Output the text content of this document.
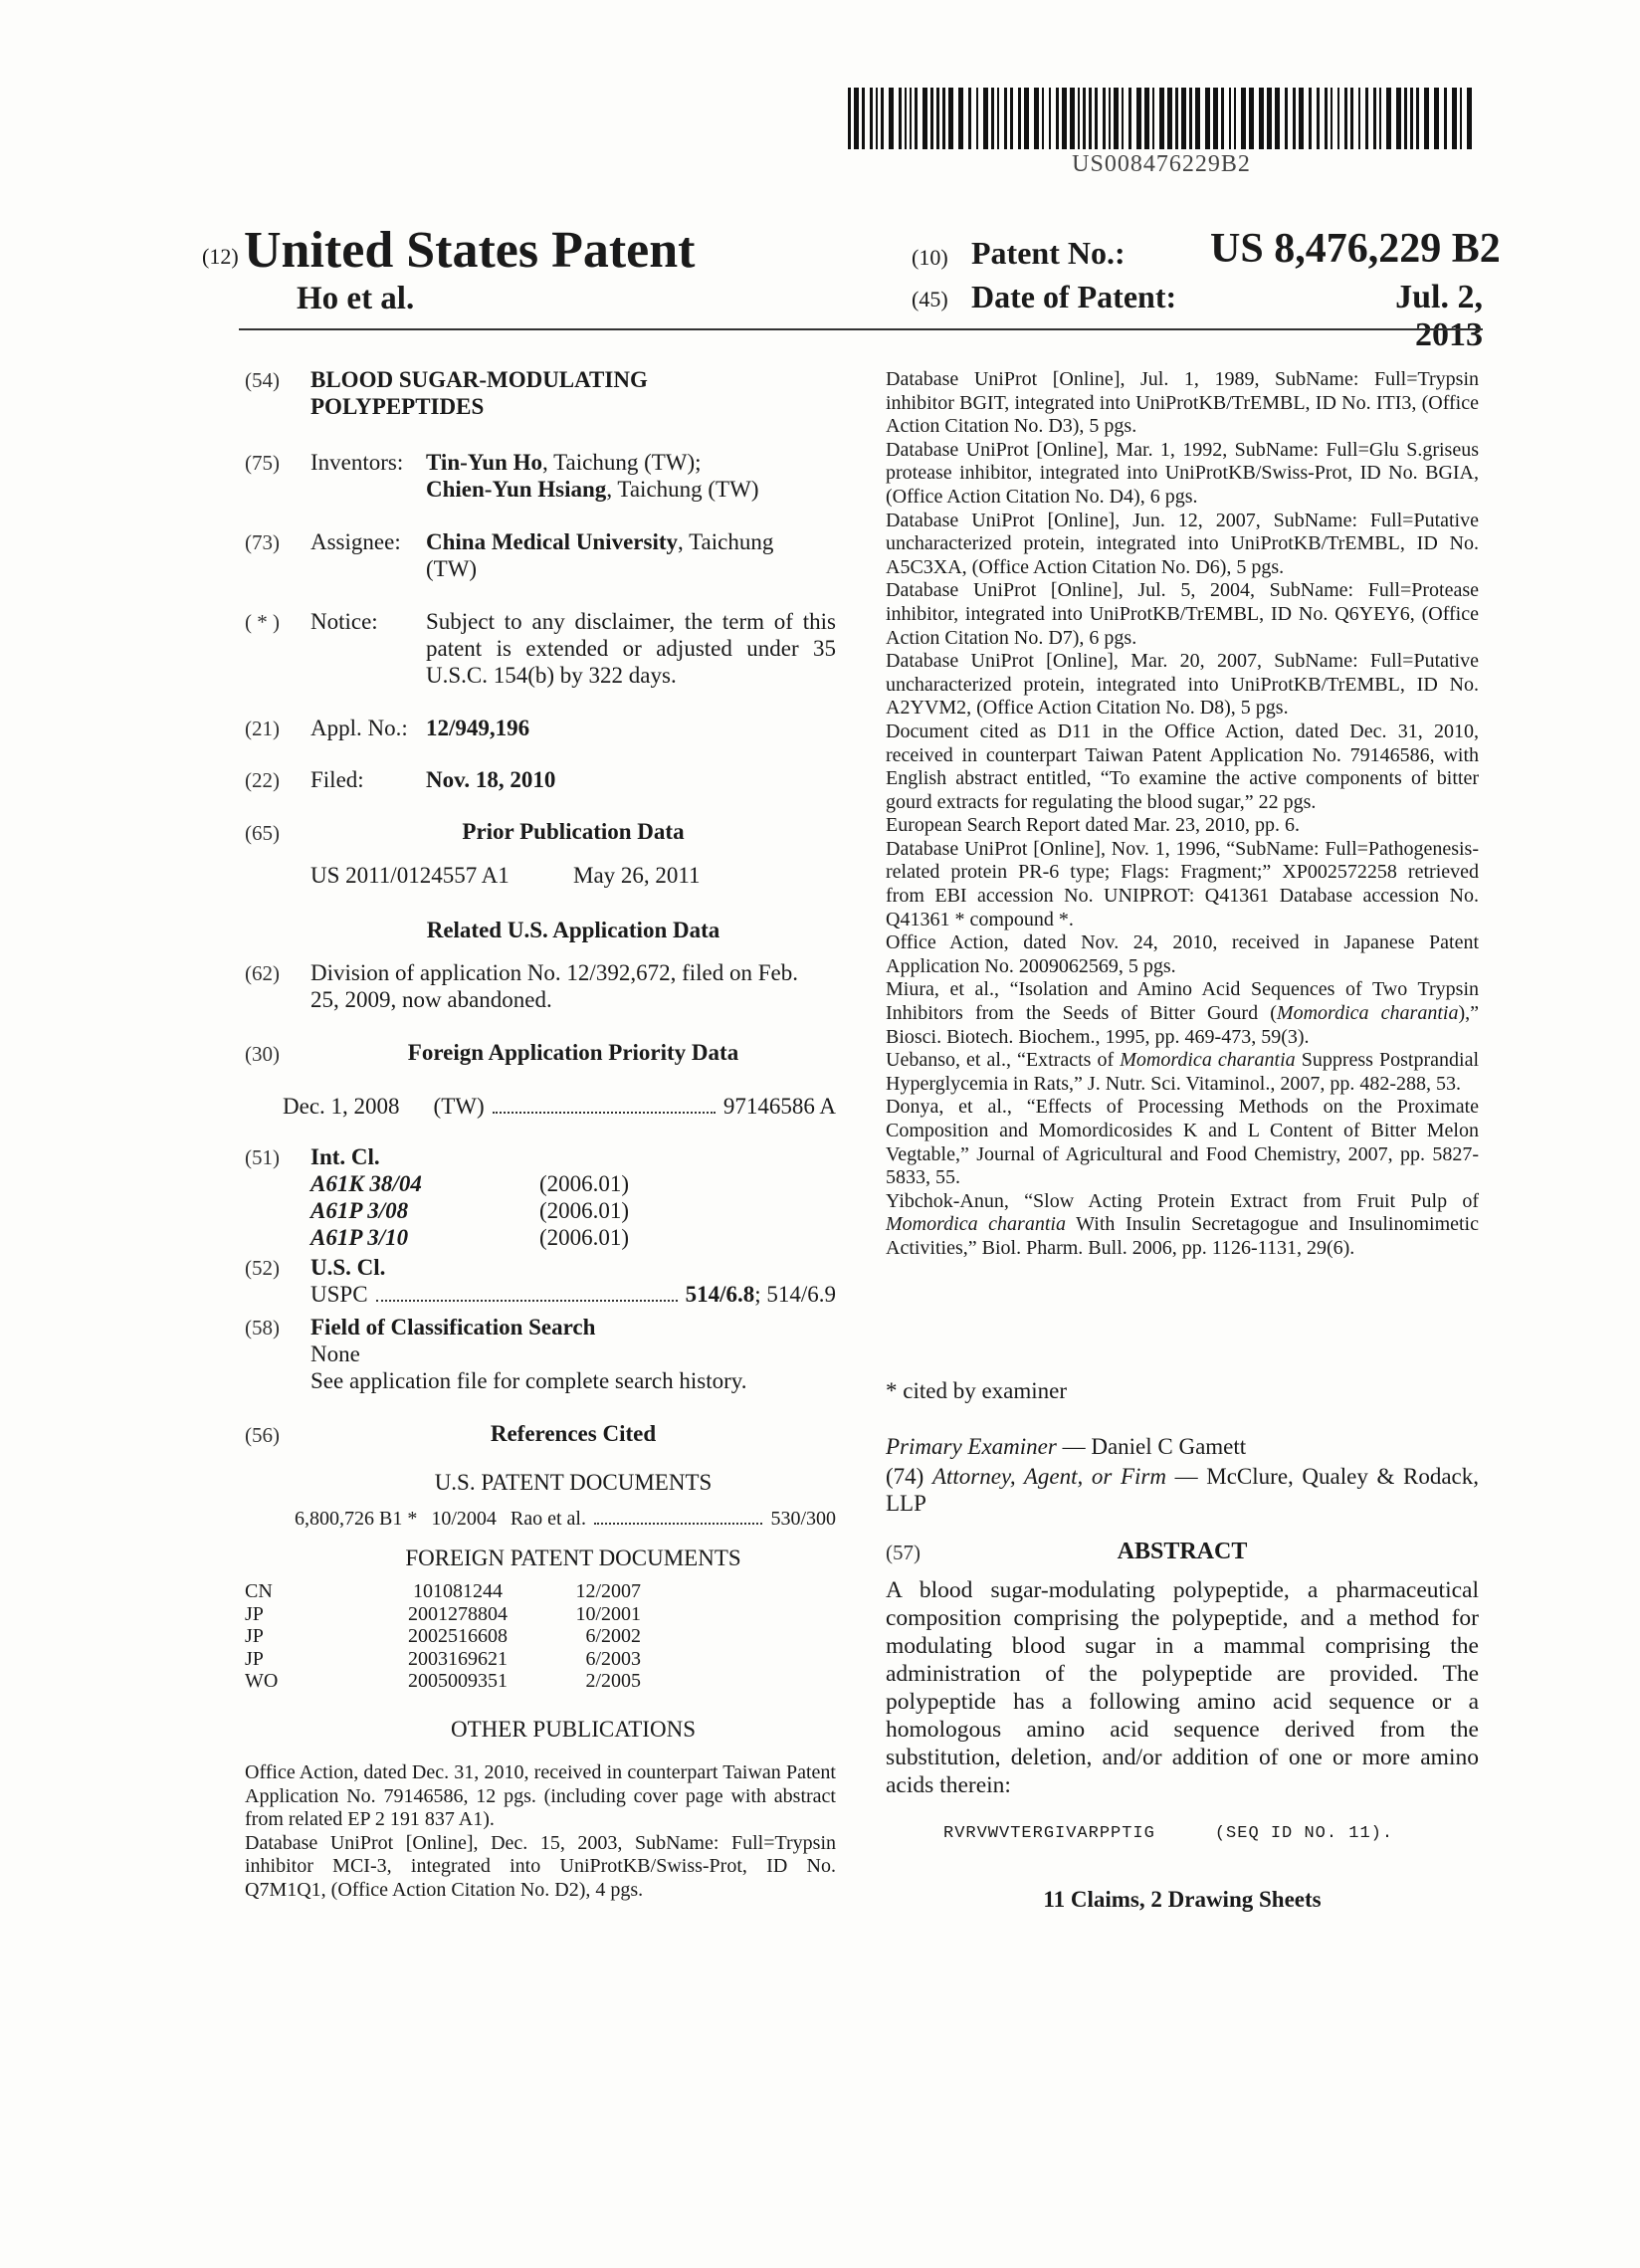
US008476229B2
(12) United States Patent
Ho et al.
(10) Patent No.: US 8,476,229 B2
(45) Date of Patent:	Jul. 2, 2013
(54) BLOOD SUGAR-MODULATING
POLYPEPTIDES
(75) Inventors: Tin-Yun Ho, Taichung (TW);
Chien-Yun Hsiang, Taichung (TW)
(73) Assignee: China Medical University, Taichung
(TW)
( * ) Notice: Subject to any disclaimer, the term of this
patent is extended or adjusted under 35
U.S.C. 154(b) by 322 days.
(21) Appl. No.: 12/949,196
(22) Filed:	Nov. 18, 2010
(65)	Prior Publication Data
US 2011/0124557 A1	May 26, 2011
Related U.S. Application Data
(62) Division of application No. 12/392,672, filed on Feb.
25, 2009, now abandoned.
(30)	Foreign Application Priority Data
Dec. 1, 2008 (TW)	97146586 A
(51) Int. Cl.
A61K 38/04	(2006.01)
A61P 3/08	(2006.01)
A61P 3/10	(2006.01)
(52) U.S. Cl.
USPC	514/6.8 ; 514/6.9
(58) Field of Classification Search
None
See application file for complete search history.
(56)	References Cited
U.S. PATENT DOCUMENTS
6,800,726 B1 * 10/2004 Rao et al.	530/300
FOREIGN PATENT DOCUMENTS
CN	101081244	12/2007
JP	2001278804	10/2001
JP	2002516608	6/2002
JP	2003169621	6/2003
WO	2005009351	2/2005
OTHER PUBLICATIONS

Office Action, dated Dec. 31, 2010, received in counterpart Taiwan Patent Application No. 79146586, 12 pgs. (including cover page with abstract from related EP 2 191 837 A1).

Database UniProt [Online], Dec. 15, 2003, SubName: Full=Trypsin inhibitor MCI-3, integrated into UniProtKB/Swiss-Prot, ID No. Q7M1Q1, (Office Action Citation No. D2), 4 pgs.

Database UniProt [Online], Jul. 1, 1989, SubName: Full=Trypsin inhibitor BGIT, integrated into UniProtKB/TrEMBL, ID No. ITI3, (Office Action Citation No. D3), 5 pgs.

Database UniProt [Online], Mar. 1, 1992, SubName: Full=Glu S.griseus protease inhibitor, integrated into UniProtKB/Swiss-Prot, ID No. BGIA, (Office Action Citation No. D4), 6 pgs.

Database UniProt [Online], Jun. 12, 2007, SubName: Full=Putative uncharacterized protein, integrated into UniProtKB/TrEMBL, ID No. A5C3XA, (Office Action Citation No. D6), 5 pgs.

Database UniProt [Online], Jul. 5, 2004, SubName: Full=Protease inhibitor, integrated into UniProtKB/TrEMBL, ID No. Q6YEY6, (Office Action Citation No. D7), 6 pgs.

Database UniProt [Online], Mar. 20, 2007, SubName: Full=Putative uncharacterized protein, integrated into UniProtKB/TrEMBL, ID No. A2YVM2, (Office Action Citation No. D8), 5 pgs.

Document cited as D11 in the Office Action, dated Dec. 31, 2010, received in counterpart Taiwan Patent Application No. 79146586, with English abstract entitled, “To examine the active components of bitter gourd extracts for regulating the blood sugar,” 22 pgs.

European Search Report dated Mar. 23, 2010, pp. 6.

Database UniProt [Online], Nov. 1, 1996, “SubName: Full=Pathogenesis-related protein PR-6 type; Flags: Fragment;” XP002572258 retrieved from EBI accession No. UNIPROT: Q41361 Database accession No. Q41361 * compound *.

Office Action, dated Nov. 24, 2010, received in Japanese Patent Application No. 2009062569, 5 pgs.

Miura, et al., “Isolation and Amino Acid Sequences of Two Trypsin Inhibitors from the Seeds of Bitter Gourd (Momordica charantia),” Biosci. Biotech. Biochem., 1995, pp. 469-473, 59(3).

Uebanso, et al., “Extracts of Momordica charantia Suppress Postprandial Hyperglycemia in Rats,” J. Nutr. Sci. Vitaminol., 2007, pp. 482-288, 53.

Donya, et al., “Effects of Processing Methods on the Proximate Composition and Momordicosides K and L Content of Bitter Melon Vegtable,” Journal of Agricultural and Food Chemistry, 2007, pp. 5827-5833, 55.

Yibchok-Anun, “Slow Acting Protein Extract from Fruit Pulp of Momordica charantia With Insulin Secretagogue and Insulinomimetic Activities,” Biol. Pharm. Bull. 2006, pp. 1126-1131, 29(6).

* cited by examiner
Primary Examiner — Daniel C Gamett
(74) Attorney, Agent, or Firm — McClure, Qualey & Rodack, LLP
(57)	ABSTRACT
A blood sugar-modulating polypeptide, a pharmaceutical composition comprising the polypeptide, and a method for modulating blood sugar in a mammal comprising the administration of the polypeptide are provided. The polypeptide has a following amino acid sequence or a homologous amino acid sequence derived from the substitution, deletion, and/or addition of one or more amino acids therein:
RVRVWVTERGIVARPPTIG	(SEQ ID NO. 11).
11 Claims, 2 Drawing Sheets
